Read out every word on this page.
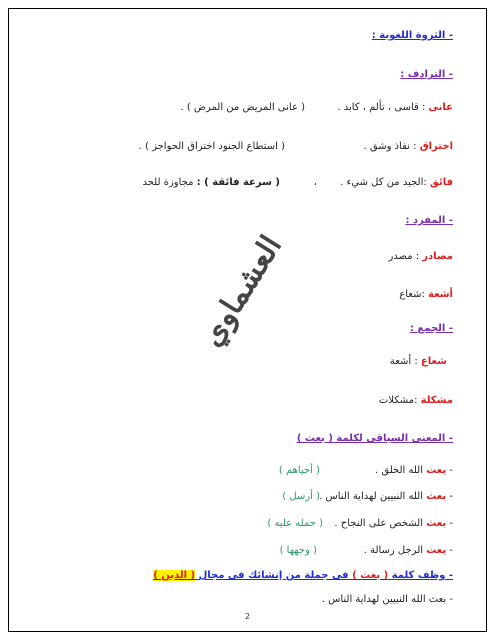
- الثروة اللغوية :
- الترادف :
عانى : قاسى ، تألم ، كابد .
( عانى المريض من المرض ) .
اختراق : نفاذ وشق .
( استطاع الجنود اختراق الحواجز ) .
فائق :الجيد من كل شيء .
،
( سرعة فائقة ) : مجاوزة للحد
- المفرد :
مصادر : مصدر
أشعة :شعاع
- الجمع :
شعاع : أشعة
مشكلة :مشكلات
- المعنى السياقى لكلمة ( بعث )
- بعث الله الخلق .
( أحياهم )
- بعث الله النبيين لهداية الناس .
( أرسل )
- بعث الشخص على النجاح .
( حمله عليه )
- بعث الرجل رسالة .
( وجهها )
- وظف كلمة ( بعث ) فى جملة من إنشائك فى مجال ( الدين )
- بعث الله النبيين لهداية الناس .
العشماوي
2
